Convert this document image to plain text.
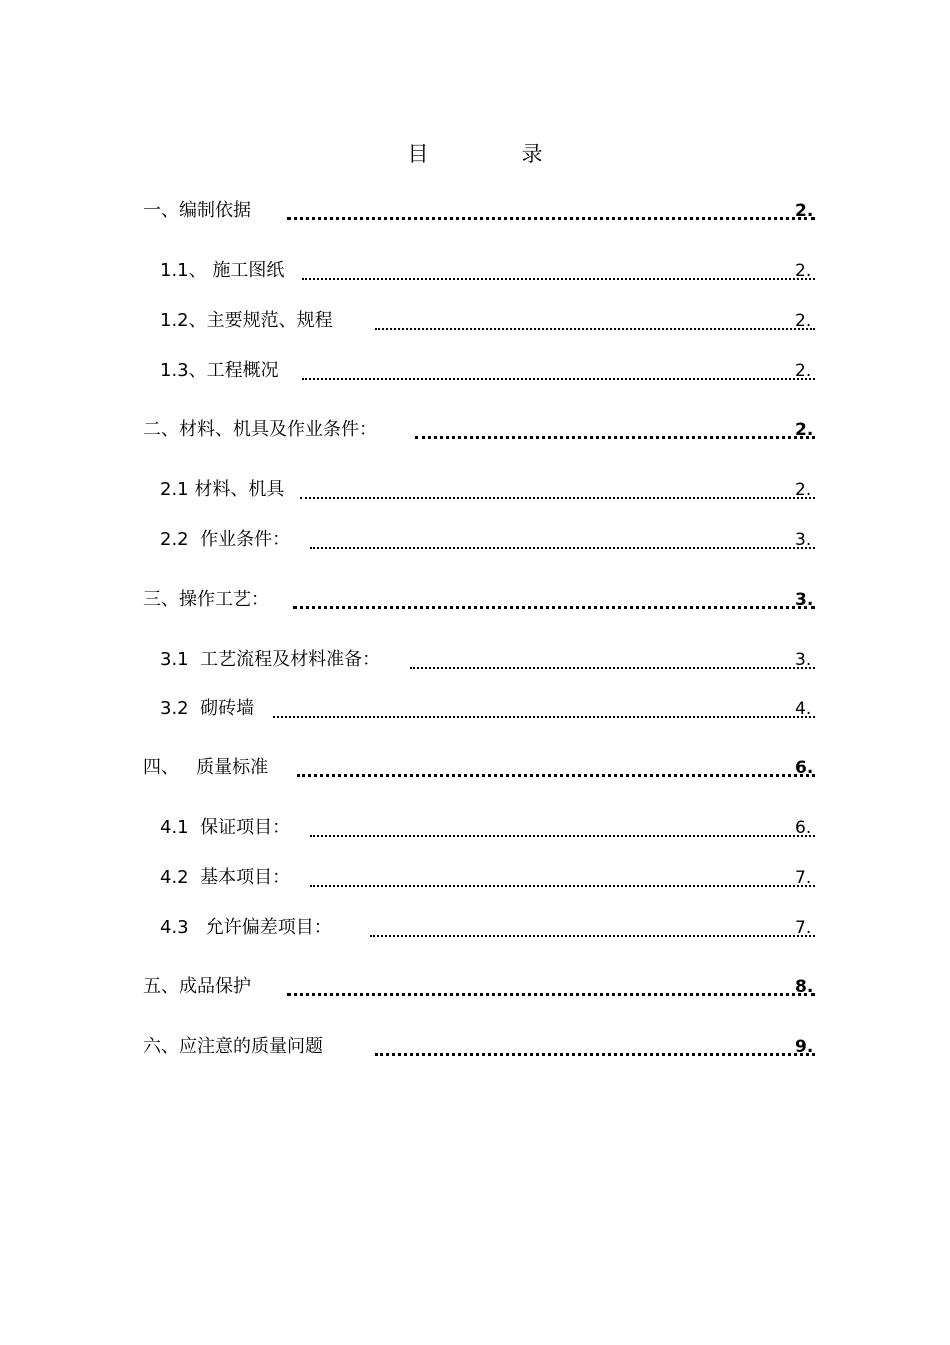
目　录
一、编制依据	2.
1.1、 施工图纸	2.
1.2、主要规范、规程	2.
1.3、工程概况	2.
二、材料、机具及作业条件：	2.
2.1 材料、机具	2.
2.2  作业条件：	3.
三、操作工艺：	3.
3.1  工艺流程及材料准备：	3.
3.2  砌砖墙	4.
四、   质量标准	6.
4.1  保证项目：	6.
4.2  基本项目：	7.
4.3   允许偏差项目：	7.
五、成品保护	8.
六、应注意的质量问题	9.
